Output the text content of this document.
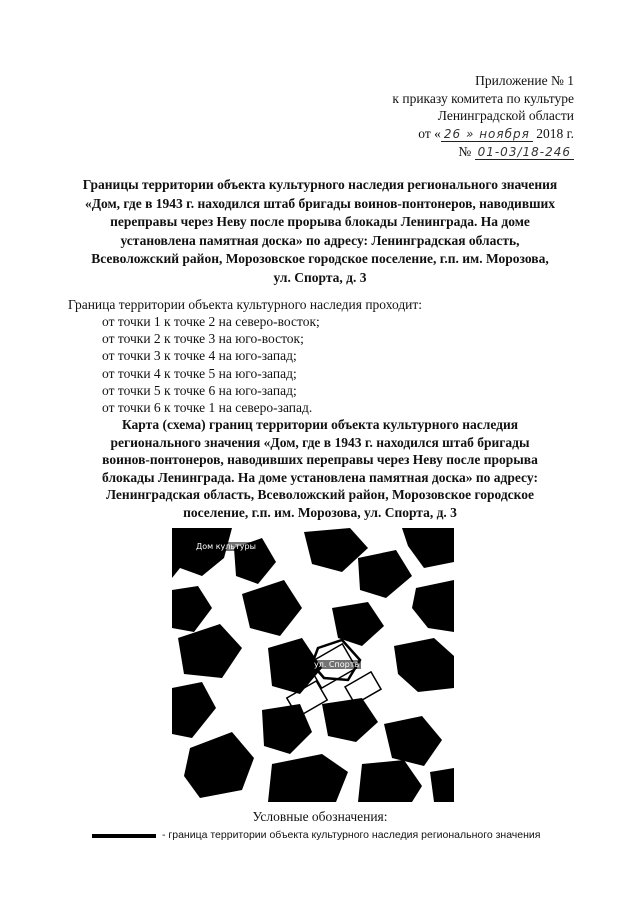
Приложение № 1
к приказу комитета по культуре
Ленинградской области
от « 26 » ноября 2018 г.
№ 01-03/18-246
Границы территории объекта культурного наследия регионального значения
«Дом, где в 1943 г. находился штаб бригады воинов-понтонеров, наводивших
переправы через Неву после прорыва блокады Ленинграда. На доме
установлена памятная доска» по адресу: Ленинградская область,
Всеволожский район, Морозовское городское поселение, г.п. им. Морозова,
ул. Спорта, д. 3
Граница территории объекта культурного наследия проходит:
от точки 1 к точке 2 на северо-восток;
от точки 2 к точке 3 на юго-восток;
от точки 3 к точке 4 на юго-запад;
от точки 4 к точке 5 на юго-запад;
от точки 5 к точке 6 на юго-запад;
от точки 6 к точке 1 на северо-запад.
Карта (схема) границ территории объекта культурного наследия
регионального значения «Дом, где в 1943 г. находился штаб бригады
воинов-понтонеров, наводивших переправы через Неву после прорыва
блокады Ленинграда. На доме установлена памятная доска» по адресу:
Ленинградская область, Всеволожский район, Морозовское городское
поселение, г.п. им. Морозова, ул. Спорта, д. 3
Дом культуры
ул. Спорта
Условные обозначения:
- граница территории объекта культурного наследия регионального значения
